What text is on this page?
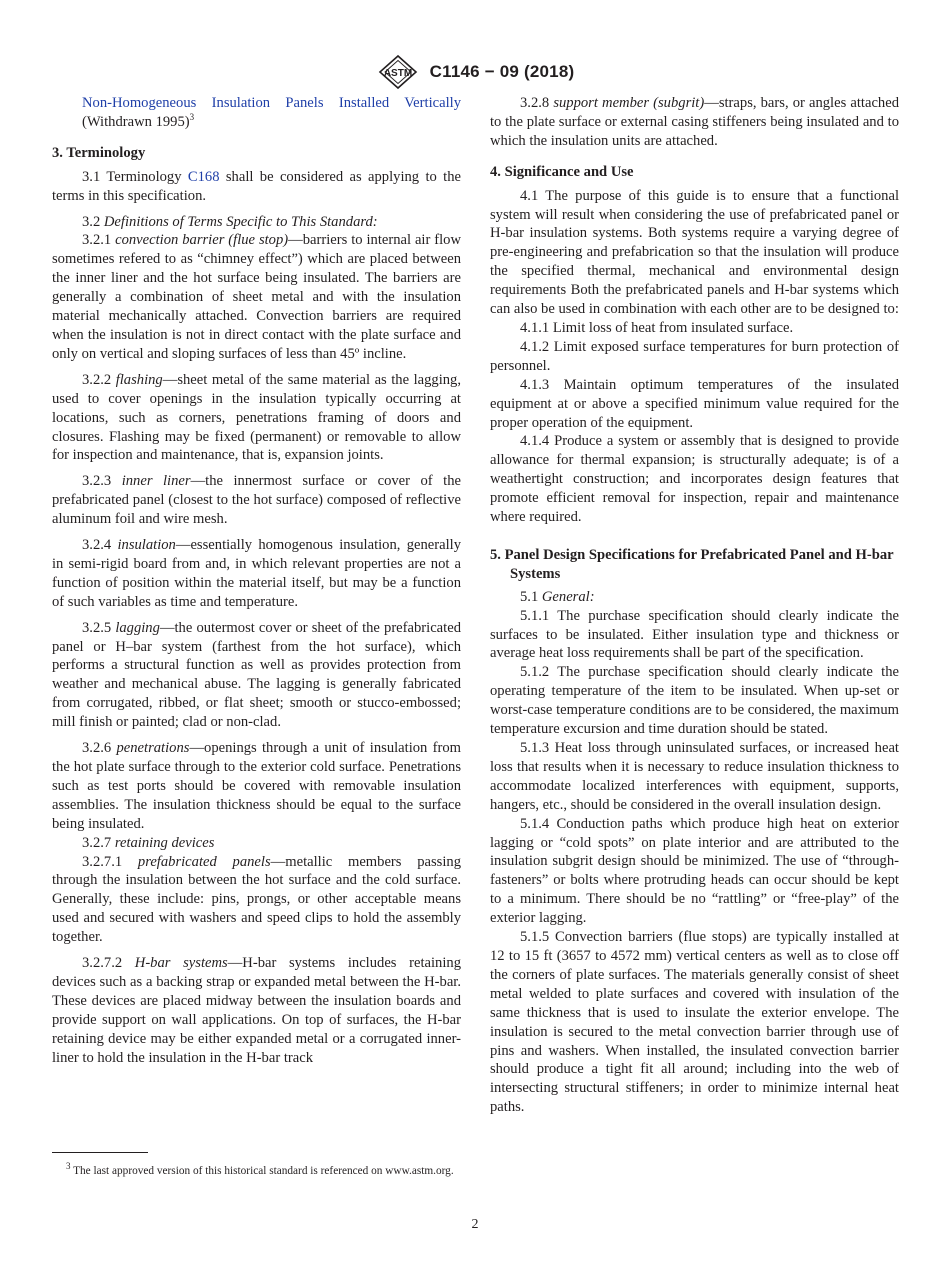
ASTM C1146 − 09 (2018)

Non-Homogeneous Insulation Panels Installed Vertically (Withdrawn 1995)$^3$

3. Terminology

3.1 Terminology C168 shall be considered as applying to the terms in this specification.

3.2 Definitions of Terms Specific to This Standard:

3.2.1 convection barrier (flue stop)—barriers to internal air flow sometimes refered to as “chimney effect”) which are placed between the inner liner and the hot surface being insulated. The barriers are generally a combination of sheet metal and with the insulation material mechanically attached. Convection barriers are required when the insulation is not in direct contact with the plate surface and only on vertical and sloping surfaces of less than 45º incline.

3.2.2 flashing—sheet metal of the same material as the lagging, used to cover openings in the insulation typically occurring at locations, such as corners, penetrations framing of doors and closures. Flashing may be fixed (permanent) or removable to allow for inspection and maintenance, that is, expansion joints.

3.2.3 inner liner—the innermost surface or cover of the prefabricated panel (closest to the hot surface) composed of reflective aluminum foil and wire mesh.

3.2.4 insulation—essentially homogenous insulation, generally in semi-rigid board from and, in which relevant properties are not a function of position within the material itself, but may be a function of such variables as time and temperature.

3.2.5 lagging—the outermost cover or sheet of the prefabricated panel or H–bar system (farthest from the hot surface), which performs a structural function as well as provides protection from weather and mechanical abuse. The lagging is generally fabricated from corrugated, ribbed, or flat sheet; smooth or stucco-embossed; mill finish or painted; clad or non-clad.

3.2.6 penetrations—openings through a unit of insulation from the hot plate surface through to the exterior cold surface. Penetrations such as test ports should be covered with removable insulation assemblies. The insulation thickness should be equal to the surface being insulated.

3.2.7 retaining devices

3.2.7.1 prefabricated panels—metallic members passing through the insulation between the hot surface and the cold surface. Generally, these include: pins, prongs, or other acceptable means used and secured with washers and speed clips to hold the assembly together.

3.2.7.2 H-bar systems—H-bar systems includes retaining devices such as a backing strap or expanded metal between the H-bar. These devices are placed midway between the insulation boards and provide support on wall applications. On top of surfaces, the H-bar retaining device may be either expanded metal or a corrugated inner-liner to hold the insulation in the H-bar track

3.2.8 support member (subgrit)—straps, bars, or angles attached to the plate surface or external casing stiffeners being insulated and to which the insulation units are attached.

4. Significance and Use

4.1 The purpose of this guide is to ensure that a functional system will result when considering the use of prefabricated panel or H-bar insulation systems. Both systems require a varying degree of pre-engineering and prefabrication so that the insulation will produce the specified thermal, mechanical and environmental design requirements Both the prefabricated panels and H-bar systems which can also be used in combination with each other are to be designed to:

4.1.1 Limit loss of heat from insulated surface.

4.1.2 Limit exposed surface temperatures for burn protection of personnel.

4.1.3 Maintain optimum temperatures of the insulated equipment at or above a specified minimum value required for the proper operation of the equipment.

4.1.4 Produce a system or assembly that is designed to provide allowance for thermal expansion; is structurally adequate; is of a weathertight construction; and incorporates design features that promote efficient removal for inspection, repair and maintenance where required.

5. Panel Design Specifications for Prefabricated Panel and H-bar Systems

5.1 General:

5.1.1 The purchase specification should clearly indicate the surfaces to be insulated. Either insulation type and thickness or average heat loss requirements shall be part of the specification.

5.1.2 The purchase specification should clearly indicate the operating temperature of the item to be insulated. When up-set or worst-case temperature conditions are to be considered, the maximum temperature excursion and time duration should be stated.

5.1.3 Heat loss through uninsulated surfaces, or increased heat loss that results when it is necessary to reduce insulation thickness to accommodate localized interferences with equipment, supports, hangers, etc., should be considered in the overall insulation design.

5.1.4 Conduction paths which produce high heat on exterior lagging or “cold spots” on plate interior and are attributed to the insulation subgrit design should be minimized. The use of “through-fasteners” or bolts where protruding heads can occur should be kept to a minimum. There should be no “rattling” or “free-play” of the exterior lagging.

5.1.5 Convection barriers (flue stops) are typically installed at 12 to 15 ft (3657 to 4572 mm) vertical centers as well as to close off the corners of plate surfaces. The materials generally consist of sheet metal welded to plate surfaces and covered with insulation of the same thickness that is used to insulate the exterior envelope. The insulation is secured to the metal convection barrier through use of pins and washers. When installed, the insulated convection barrier should produce a tight fit all around; including into the web of intersecting structural stiffeners; in order to minimize internal heat paths.

$^3$ The last approved version of this historical standard is referenced on www.astm.org.

2
